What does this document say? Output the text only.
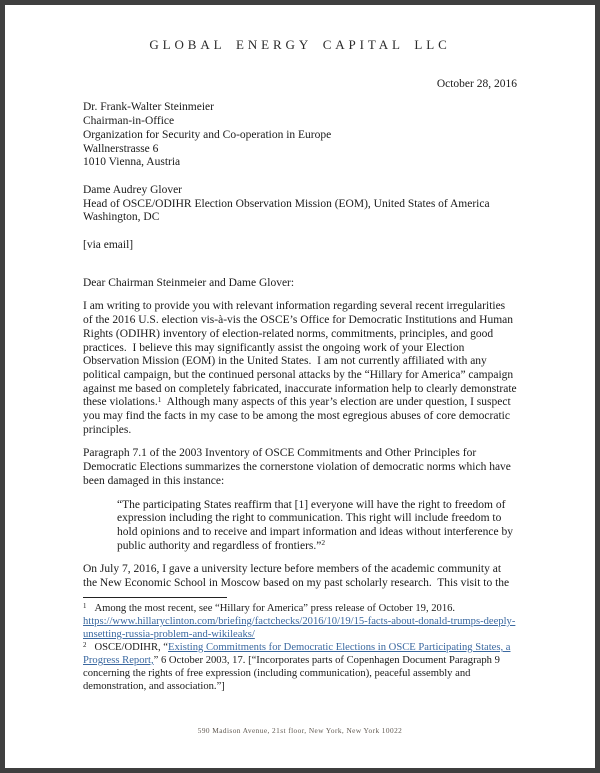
GLOBAL ENERGY CAPITAL LLC
October 28, 2016
Dr. Frank-Walter Steinmeier
Chairman-in-Office
Organization for Security and Co-operation in Europe
Wallnerstrasse 6
1010 Vienna, Austria
Dame Audrey Glover
Head of OSCE/ODIHR Election Observation Mission (EOM), United States of America
Washington, DC
[via email]
Dear Chairman Steinmeier and Dame Glover:

I am writing to provide you with relevant information regarding several recent irregularities of the 2016 U.S. election vis-à-vis the OSCE’s Office for Democratic Institutions and Human Rights (ODIHR) inventory of election-related norms, commitments, principles, and good practices.  I believe this may significantly assist the ongoing work of your Election Observation Mission (EOM) in the United States.  I am not currently affiliated with any political campaign, but the continued personal attacks by the “Hillary for America” campaign against me based on completely fabricated, inaccurate information help to clearly demonstrate these violations.$^1$  Although many aspects of this year’s election are under question, I suspect you may find the facts in my case to be among the most egregious abuses of core democratic principles.

Paragraph 7.1 of the 2003 Inventory of OSCE Commitments and Other Principles for Democratic Elections summarizes the cornerstone violation of democratic norms which have been damaged in this instance:

“The participating States reaffirm that [1] everyone will have the right to freedom of expression including the right to communication. This right will include freedom to hold opinions and to receive and impart information and ideas without interference by public authority and regardless of frontiers.”$^2$

On July 7, 2016, I gave a university lecture before members of the academic community at the New Economic School in Moscow based on my past scholarly research.  This visit to the

$^1$ Among the most recent, see “Hillary for America” press release of October 19, 2016. https://www.hillaryclinton.com/briefing/factchecks/2016/10/19/15-facts-about-donald-trumps-deeply-unsetting-russia-problem-and-wikileaks/
$^2$ OSCE/ODIHR, “Existing Commitments for Democratic Elections in OSCE Participating States, a Progress Report,” 6 October 2003, 17. [“Incorporates parts of Copenhagen Document Paragraph 9 concerning the rights of free expression (including communication), peaceful assembly and demonstration, and association.”]
590 Madison Avenue, 21st floor, New York, New York 10022
